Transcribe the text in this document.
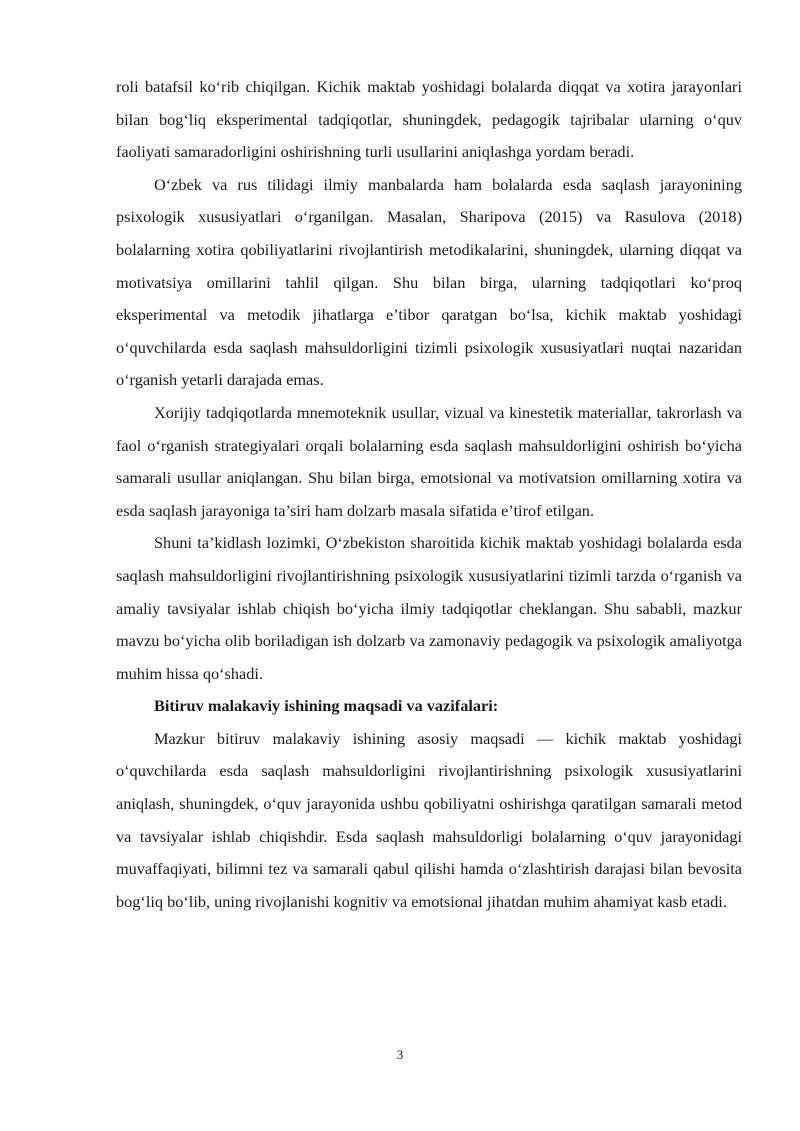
roli batafsil ko‘rib chiqilgan. Kichik maktab yoshidagi bolalarda diqqat va xotira jarayonlari bilan bog‘liq eksperimental tadqiqotlar, shuningdek, pedagogik tajribalar ularning o‘quv faoliyati samaradorligini oshirishning turli usullarini aniqlashga yordam beradi.

O‘zbek va rus tilidagi ilmiy manbalarda ham bolalarda esda saqlash jarayonining psixologik xususiyatlari o‘rganilgan. Masalan, Sharipova (2015) va Rasulova (2018) bolalarning xotira qobiliyatlarini rivojlantirish metodikalarini, shuningdek, ularning diqqat va motivatsiya omillarini tahlil qilgan. Shu bilan birga, ularning tadqiqotlari ko‘proq eksperimental va metodik jihatlarga e’tibor qaratgan bo‘lsa, kichik maktab yoshidagi o‘quvchilarda esda saqlash mahsuldorligini tizimli psixologik xususiyatlari nuqtai nazaridan o‘rganish yetarli darajada emas.

Xorijiy tadqiqotlarda mnemoteknik usullar, vizual va kinestetik materiallar, takrorlash va faol o‘rganish strategiyalari orqali bolalarning esda saqlash mahsuldorligini oshirish bo‘yicha samarali usullar aniqlangan. Shu bilan birga, emotsional va motivatsion omillarning xotira va esda saqlash jarayoniga ta’siri ham dolzarb masala sifatida e’tirof etilgan.

Shuni ta’kidlash lozimki, O‘zbekiston sharoitida kichik maktab yoshidagi bolalarda esda saqlash mahsuldorligini rivojlantirishning psixologik xususiyatlarini tizimli tarzda o‘rganish va amaliy tavsiyalar ishlab chiqish bo‘yicha ilmiy tadqiqotlar cheklangan. Shu sababli, mazkur mavzu bo‘yicha olib boriladigan ish dolzarb va zamonaviy pedagogik va psixologik amaliyotga muhim hissa qo‘shadi.

Bitiruv malakaviy ishining maqsadi va vazifalari:

Mazkur bitiruv malakaviy ishining asosiy maqsadi — kichik maktab yoshidagi o‘quvchilarda esda saqlash mahsuldorligini rivojlantirishning psixologik xususiyatlarini aniqlash, shuningdek, o‘quv jarayonida ushbu qobiliyatni oshirishga qaratilgan samarali metod va tavsiyalar ishlab chiqishdir. Esda saqlash mahsuldorligi bolalarning o‘quv jarayonidagi muvaffaqiyati, bilimni tez va samarali qabul qilishi hamda o‘zlashtirish darajasi bilan bevosita bog‘liq bo‘lib, uning rivojlanishi kognitiv va emotsional jihatdan muhim ahamiyat kasb etadi.

3
